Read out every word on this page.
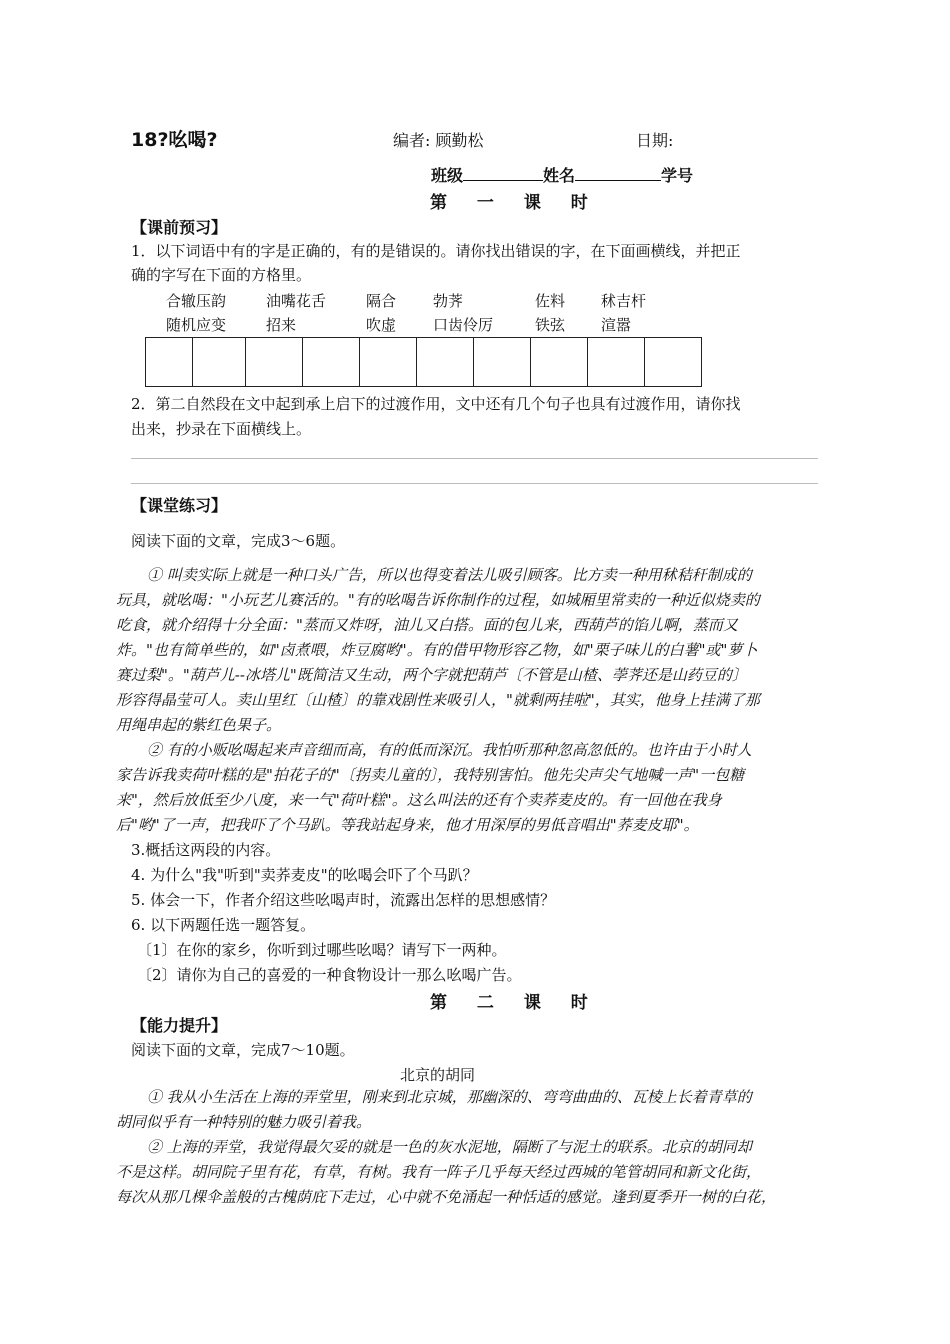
18?吆喝?	编者: 顾勤松	日期:
班级	姓名	学号
第 一 课 时
【课前预习】
1．以下词语中有的字是正确的，有的是错误的。请你找出错误的字，在下面画横线，并把正
确的字写在下面的方格里。
合辙压韵	油嘴花舌	隔合 勃荠	佐料 秫吉杆
随机应变	招来	吹虚 口齿伶厉	铁弦 渲嚣

2．第二自然段在文中起到承上启下的过渡作用，文中还有几个句子也具有过渡作用，请你找
出来，抄录在下面横线上。
【课堂练习】
阅读下面的文章，完成3～6题。
① 叫卖实际上就是一种口头广告，所以也得变着法儿吸引顾客。比方卖一种用秫秸秆制成的
玩具，就吆喝："小玩艺儿赛活的。"有的吆喝告诉你制作的过程，如城厢里常卖的一种近似烧卖的
吃食，就介绍得十分全面："蒸而又炸呀，油儿又白搭。面的包儿来，西葫芦的馅儿啊，蒸而又
炸。"也有简单些的，如"卤煮喂，炸豆腐哟"。有的借甲物形容乙物，如"栗子味儿的白薯"或"萝卜
赛过梨"。"葫芦儿--冰塔儿"既简洁又生动，两个字就把葫芦〔不管是山楂、荸荠还是山药豆的〕
形容得晶莹可人。卖山里红〔山楂〕的靠戏剧性来吸引人，"就剩两挂啦"，其实，他身上挂满了那
用绳串起的紫红色果子。
② 有的小贩吆喝起来声音细而高，有的低而深沉。我怕听那种忽高忽低的。也许由于小时人
家告诉我卖荷叶糕的是"拍花子的"〔拐卖儿童的〕，我特别害怕。他先尖声尖气地喊一声"一包糖
来"，然后放低至少八度，来一气"荷叶糕"。这么叫法的还有个卖荞麦皮的。有一回他在我身
后"哟"了一声，把我吓了个马趴。等我站起身来，他才用深厚的男低音唱出"荞麦皮耶"。
3.概括这两段的内容。
4. 为什么"我"听到"卖荞麦皮"的吆喝会吓了个马趴？
5. 体会一下，作者介绍这些吆喝声时，流露出怎样的思想感情？
6. 以下两题任选一题答复。
〔1〕在你的家乡，你听到过哪些吆喝？请写下一两种。
〔2〕请你为自己的喜爱的一种食物设计一那么吆喝广告。
第 二 课 时
【能力提升】
阅读下面的文章，完成7～10题。
北京的胡同
① 我从小生活在上海的弄堂里，刚来到北京城，那幽深的、弯弯曲曲的、瓦棱上长着青草的
胡同似乎有一种特别的魅力吸引着我。
② 上海的弄堂，我觉得最欠妥的就是一色的灰水泥地，隔断了与泥土的联系。北京的胡同却
不是这样。胡同院子里有花，有草，有树。我有一阵子几乎每天经过西城的笔管胡同和新文化街，
每次从那几棵伞盖般的古槐荫庇下走过，心中就不免涌起一种恬适的感觉。逢到夏季开一树的白花，
